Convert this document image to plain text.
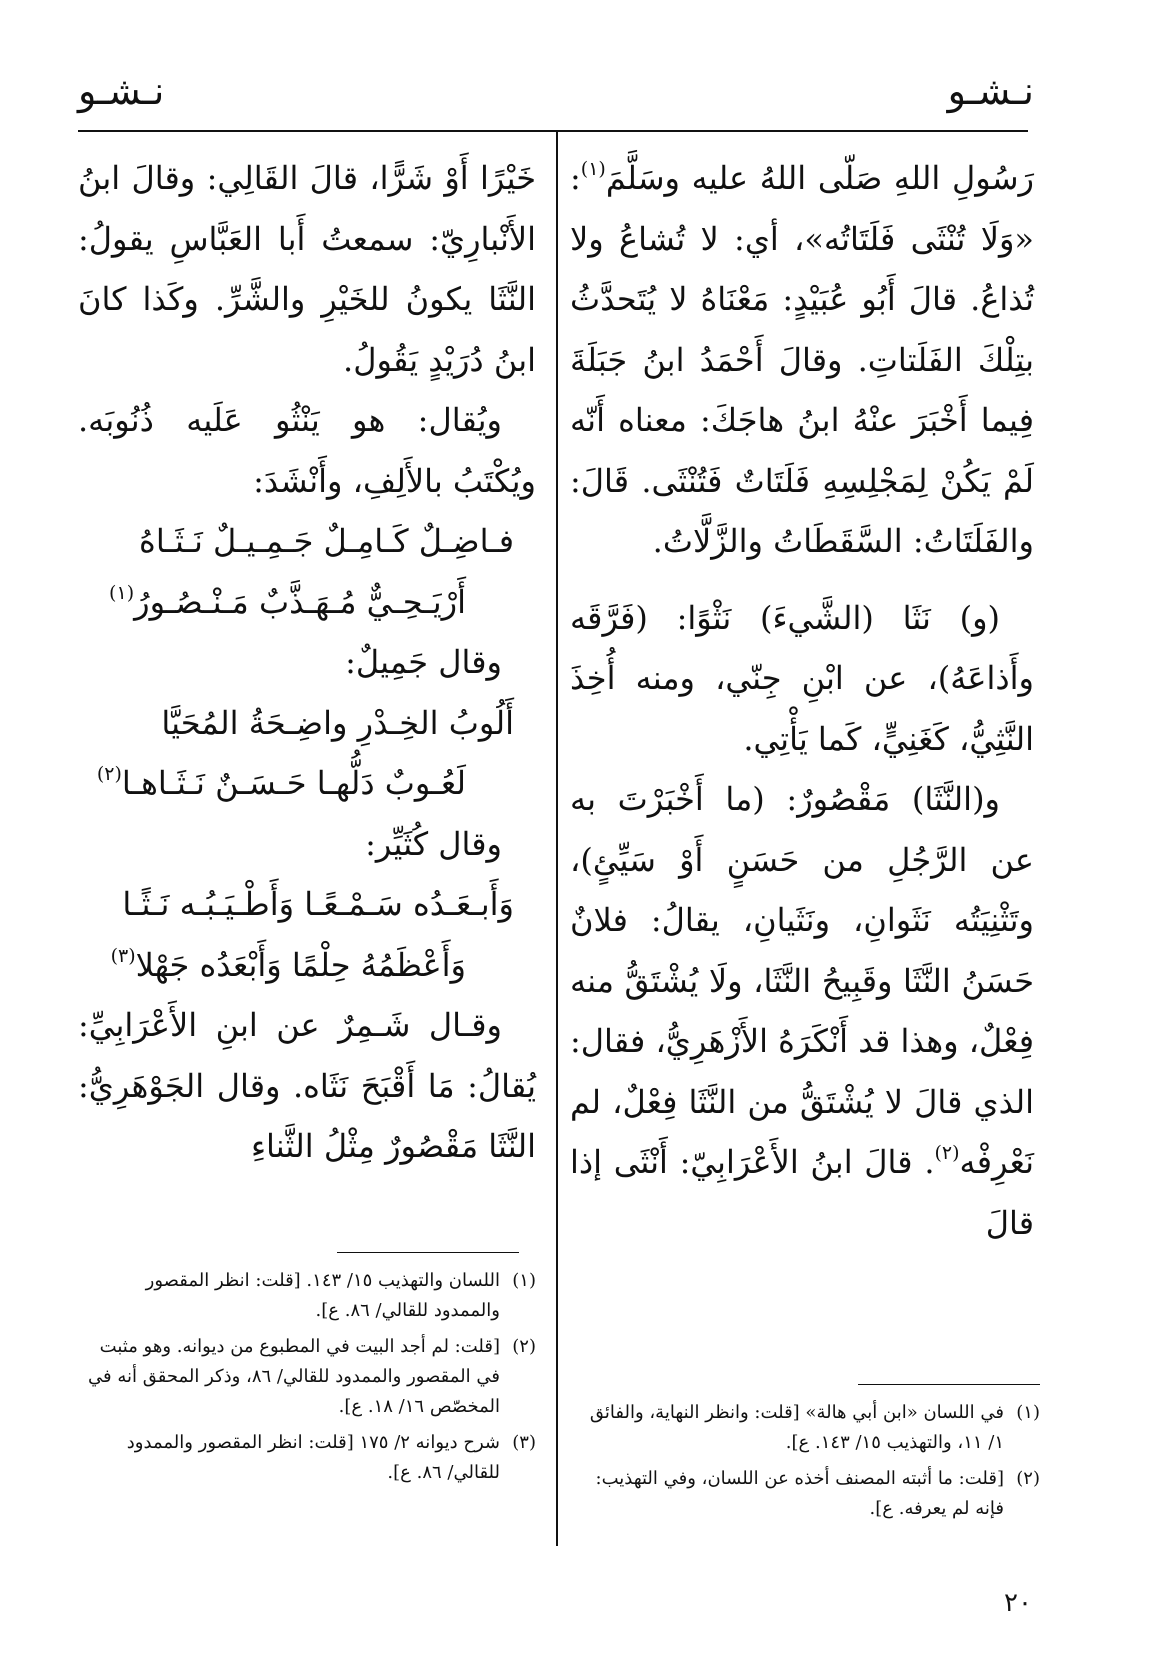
نـشـو
نـشـو

رَسُولِ اللهِ صَلّى اللهُ عليه وسَلَّمَ$^{(١)}$: «وَلَا تُنْثَى فَلَتَاتُه»، أي: لا تُشاعُ ولا تُذاعُ. قالَ أَبُو عُبَيْدٍ: مَعْنَاهُ لا يُتَحدَّثُ بتِلْكَ الفَلَتاتِ. وقالَ أَحْمَدُ ابنُ جَبَلَةَ فِيما أَخْبَرَ عنْهُ ابنُ هاجَكَ: معناه أَنّه لَمْ يَكُنْ لِمَجْلِسِهِ فَلَتَاتٌ فَتُنْثَى. قَالَ: والفَلَتَاتُ: السَّقَطَاتُ والزَّلَّاتُ.

(و) نَثَا (الشَّيءَ) نَثْوًا: (فَرَّقَه وأَذاعَهُ)، عن ابْنِ جِنّي، ومنه أُخِذَ النَّثِيُّ، كَغَنِيٍّ، كَما يَأْتِي.

و(النَّثَا) مَقْصُورٌ: (ما أَخْبَرْتَ به عن الرَّجُلِ من حَسَنٍ أَوْ سَيِّئٍ)، وتَثْنِيَتُه نَثَوانِ، ونَثَيانِ، يقالُ: فلانٌ حَسَنُ النَّثَا وقَبِيحُ النَّثَا، ولَا يُشْتَقُّ منه فِعْلٌ، وهذا قد أَنْكَرَهُ الأَزْهَرِيُّ، فقال: الذي قالَ لا يُشْتَقُّ من النَّثَا فِعْلٌ، لم نَعْرِفْه$^{(٢)}$. قالَ ابنُ الأَعْرَابِيّ: أَنْثَى إذا قالَ

(١)
في اللسان «ابن أبي هالة» [قلت: وانظر النهاية، والفائق ١/ ١١، والتهذيب ١٥/ ١٤٣. ع].
(٢)
[قلت: ما أثبته المصنف أخذه عن اللسان، وفي التهذيب: فإنه لم يعرفه. ع].

خَيْرًا أَوْ شَرًّا، قالَ القَالِي: وقالَ ابنُ الأَنْبارِيّ: سمعتُ أَبا العَبَّاسِ يقولُ: النَّثَا يكونُ للخَيْرِ والشَّرِّ. وكَذا كانَ ابنُ دُرَيْدٍ يَقُولُ.

ويُقال: هو يَنْثُو عَلَيه ذُنُوبَه. ويُكْتَبُ بالأَلِفِ، وأَنْشَدَ:

فـاضِـلٌ كَـامِـلٌ جَـمِـيـلٌ نَـثَـاهُ
أَرْيَـحِـيٌّ مُـهَـذَّبٌ مَـنْـصُـورُ$^{(١)}$

وقال جَمِيلٌ:

أَلُوبُ الخِـدْرِ واضِـحَةُ المُحَيَّا
لَعُـوبٌ دَلُّهـا حَـسَـنٌ نَـثَـاهـا$^{(٢)}$

وقال كُثَيِّر:

وَأَبـعَـدُه سَـمْـعًـا وَأَطْـيَـبُـه نَـثًـا
وَأَعْظَمُهُ حِلْمًا وَأَبْعَدُه جَهْلا$^{(٣)}$

وقـال شَـمِرٌ عن ابنِ الأَعْرَابِيِّ: يُقالُ: مَا أَقْبَحَ نَثَاه. وقال الجَوْهَرِيُّ: النَّثَا مَقْصُورٌ مِثْلُ الثَّناءِ

(١)
اللسان والتهذيب ١٥/ ١٤٣. [قلت: انظر المقصور والممدود للقالي/ ٨٦. ع].
(٢)
[قلت: لم أجد البيت في المطبوع من ديوانه. وهو مثبت في المقصور والممدود للقالي/ ٨٦، وذكر المحقق أنه في المخصّص ١٦/ ١٨. ع].
(٣)
شرح ديوانه ٢/ ١٧٥ [قلت: انظر المقصور والممدود للقالي/ ٨٦. ع].
٢٠
